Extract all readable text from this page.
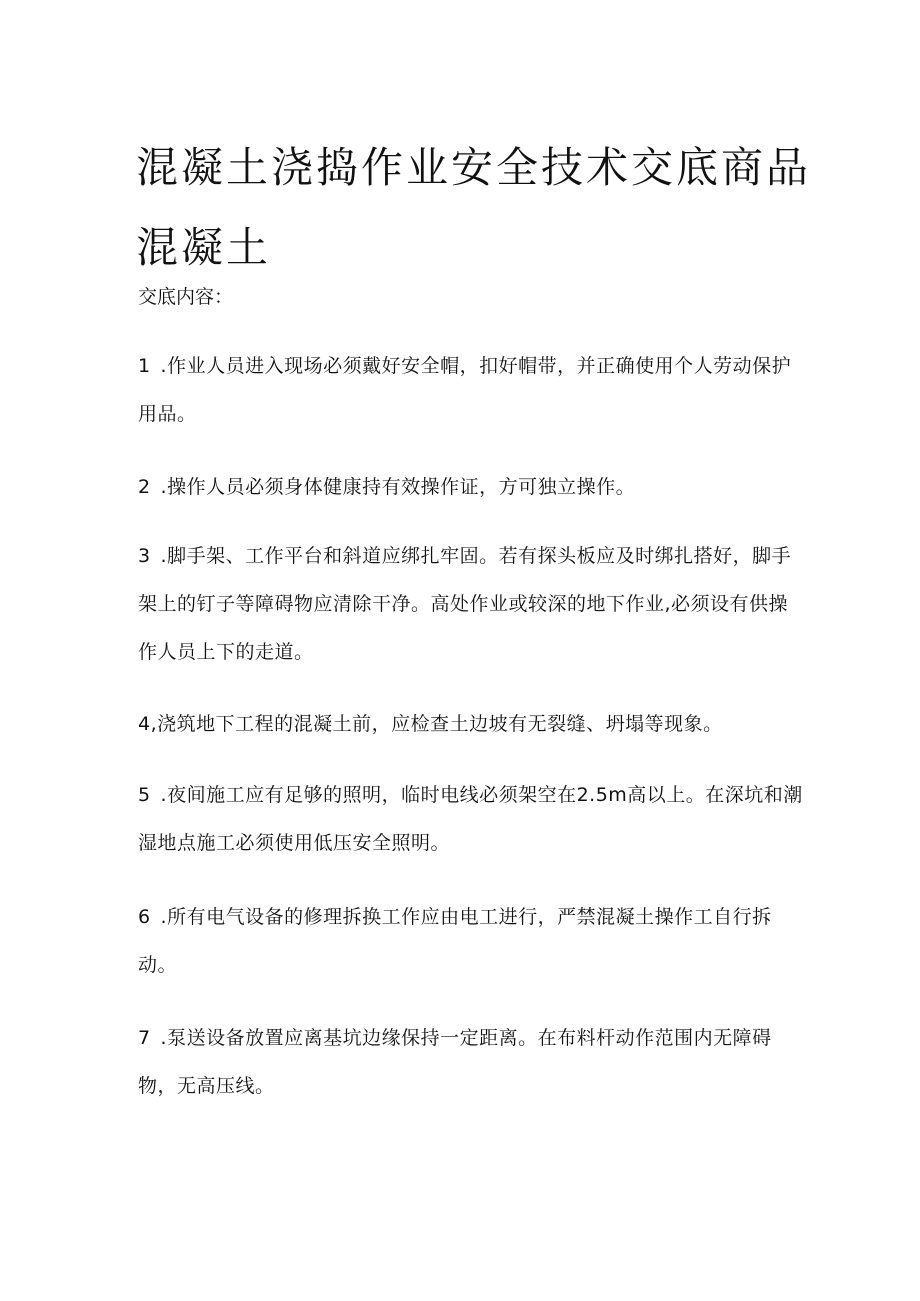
混凝土浇捣作业安全技术交底商品混凝土

交底内容：

1 .作业人员进入现场必须戴好安全帽，扣好帽带，并正确使用个人劳动保护用品。

2 .操作人员必须身体健康持有效操作证，方可独立操作。

3 .脚手架、工作平台和斜道应绑扎牢固。若有探头板应及时绑扎搭好，脚手架上的钉子等障碍物应清除干净。高处作业或较深的地下作业,必须设有供操作人员上下的走道。

4,浇筑地下工程的混凝土前，应检查土边坡有无裂缝、坍塌等现象。

5 .夜间施工应有足够的照明，临时电线必须架空在2.5m高以上。在深坑和潮湿地点施工必须使用低压安全照明。

6 .所有电气设备的修理拆换工作应由电工进行，严禁混凝土操作工自行拆动。

7 .泵送设备放置应离基坑边缘保持一定距离。在布料杆动作范围内无障碍物，无高压线。
